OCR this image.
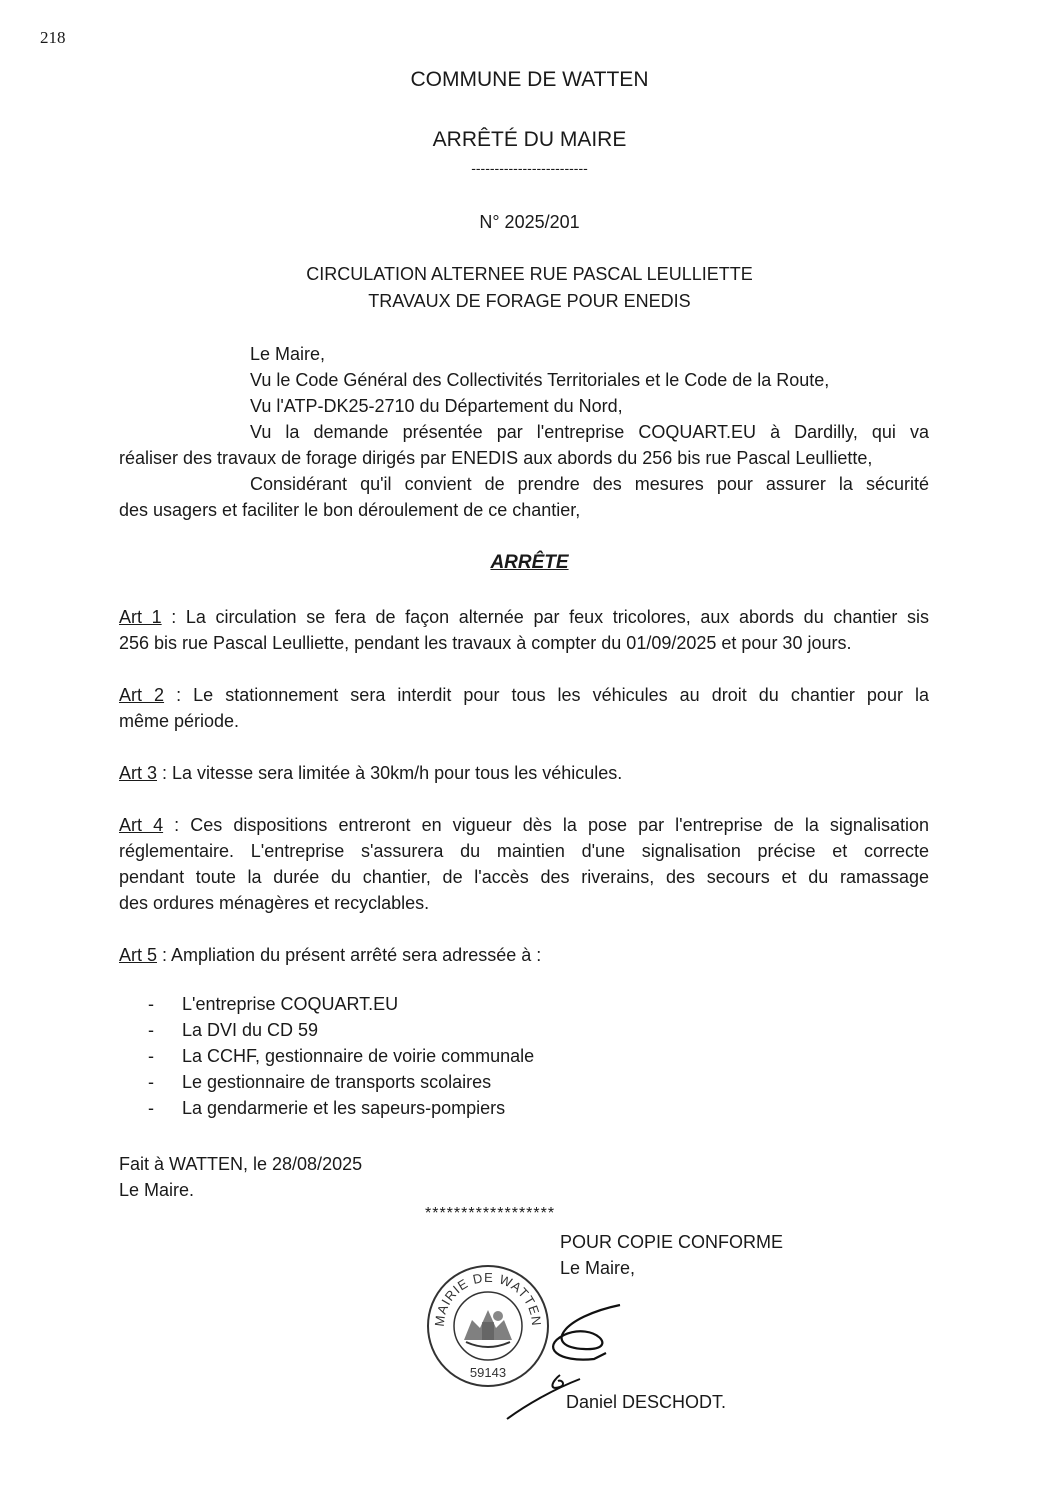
218
COMMUNE DE WATTEN
ARRÊTÉ DU MAIRE
-------------------------
N° 2025/201
CIRCULATION ALTERNEE RUE PASCAL LEULLIETTE
TRAVAUX DE FORAGE POUR ENEDIS
Le Maire,
Vu le Code Général des Collectivités Territoriales et le Code de la Route,
Vu l'ATP-DK25-2710 du Département du Nord,
Vu la demande présentée par l'entreprise COQUART.EU à Dardilly, qui va
réaliser des travaux de forage dirigés par ENEDIS aux abords du 256 bis rue Pascal Leulliette,
Considérant qu'il convient de prendre des mesures pour assurer la sécurité
des usagers et faciliter le bon déroulement de ce chantier,
ARRÊTE
Art 1 : La circulation se fera de façon alternée par feux tricolores, aux abords du chantier sis
256 bis rue Pascal Leulliette, pendant les travaux à compter du 01/09/2025 et pour 30 jours.
Art 2 : Le stationnement sera interdit pour tous les véhicules au droit du chantier pour la
même période.
Art 3 : La vitesse sera limitée à 30km/h pour tous les véhicules.
Art 4 : Ces dispositions entreront en vigueur dès la pose par l'entreprise de la signalisation
réglementaire. L'entreprise s'assurera du maintien d'une signalisation précise et correcte
pendant toute la durée du chantier, de l'accès des riverains, des secours et du ramassage
des ordures ménagères et recyclables.
Art 5 : Ampliation du présent arrêté sera adressée à :
- L'entreprise COQUART.EU
- La DVI du CD 59
- La CCHF, gestionnaire de voirie communale
- Le gestionnaire de transports scolaires
- La gendarmerie et les sapeurs-pompiers
Fait à WATTEN, le 28/08/2025
Le Maire.
******************
POUR COPIE CONFORME
Le Maire,
MAIRIE DE WATTEN
59143
Daniel DESCHODT.
